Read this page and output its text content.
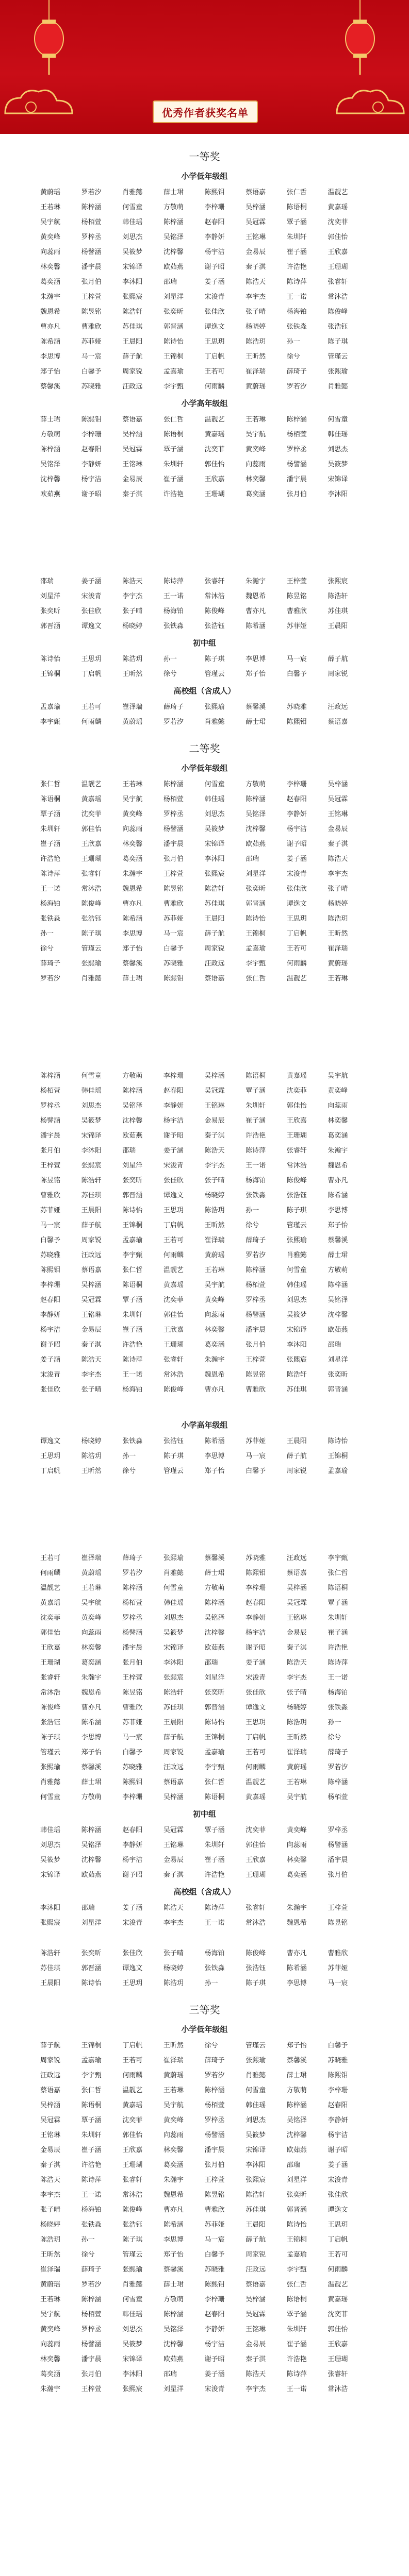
优秀作者获奖名单
一等奖
小学低年级组
黄蔚瑶	罗若汐	肖雅懿	薛士珺	陈熙钼	蔡语嘉	张仁哲	温靓艺
王若琳	陈梓涵	何雪童	方敬萌	李梓珊	吴梓涵	陈语桐	黄嘉瑶
吴宇航	杨栢萱	韩佳瑶	陈梓涵	赵春阳	吴冠霖	覃子涵	沈奕菲
黄奕峰	罗梓丞	刘思杰	吴铭泽	李静妍	王铭琳	朱圳轩	郭佳怡
向蕊雨	杨譬涵	吴筱梦	沈梓馨	杨宇洁	金易辰	崔子涵	王欣嘉
林奕馨	潘宇晨	宋锦译	欧茹燕	谢予昭	秦子淇	许浩艳	王珊瑚
葛奕涵	张月伯	李沐阳	邵瑞	姜子涵	陈浩天	陈诗萍	张睿轩
朱瀚宇	王梓萱	张熙宸	刘星洋	宋浚青	李宇杰	王一诺	常沐浩
魏恩希	陈昱铭	陈浩轩	张奕昕	张佳欣	张子晴	杨海铂	陈俊峰
曹亦凡	曹雅欣	苏佳琪	郭晋涵	谭逸文	杨晓婷	张铁淼	张浩钰
陈希涵	苏菲娅	王晨阳	陈诗怡	王思玥	陈浩玥	孙一	陈子琪
李思博	马一宸	薛子航	王锦桐	丁启帆	王昕然	徐兮	管瑾云
郑子怡	白馨予	周家锐	孟嘉瑜	王若可	崔泽瑞	薛琦子	张熙瑜
蔡馨溪	苏晓雅	汪政远	李宇甄	何雨麟	黄蔚瑶	罗若汐	肖雅懿
小学高年级组
薛士珺	陈熙钼	蔡语嘉	张仁哲	温靓艺	王若琳	陈梓涵	何雪童
方敬萌	李梓珊	吴梓涵	陈语桐	黄嘉瑶	吴宇航	杨栢萱	韩佳瑶
陈梓涵	赵春阳	吴冠霖	覃子涵	沈奕菲	黄奕峰	罗梓丞	刘思杰
吴铭泽	李静妍	王铭琳	朱圳轩	郭佳怡	向蕊雨	杨譬涵	吴筱梦
沈梓馨	杨宇洁	金易辰	崔子涵	王欣嘉	林奕馨	潘宇晨	宋锦译
欧茹燕	谢予昭	秦子淇	许浩艳	王珊瑚	葛奕涵	张月伯	李沐阳
邵瑞	姜子涵	陈浩天	陈诗萍	张睿轩	朱瀚宇	王梓萱	张熙宸
刘星洋	宋浚青	李宇杰	王一诺	常沐浩	魏恩希	陈昱铭	陈浩轩
张奕昕	张佳欣	张子晴	杨海铂	陈俊峰	曹亦凡	曹雅欣	苏佳琪
郭晋涵	谭逸文	杨晓婷	张铁淼	张浩钰	陈希涵	苏菲娅	王晨阳
初中组
陈诗怡	王思玥	陈浩玥	孙一	陈子琪	李思博	马一宸	薛子航
王锦桐	丁启帆	王昕然	徐兮	管瑾云	郑子怡	白馨予	周家锐
高校组（含成人）
孟嘉瑜	王若可	崔泽瑞	薛琦子	张熙瑜	蔡馨溪	苏晓雅	汪政远
李宇甄	何雨麟	黄蔚瑶	罗若汐	肖雅懿	薛士珺	陈熙钼	蔡语嘉
二等奖
小学低年级组
张仁哲	温靓艺	王若琳	陈梓涵	何雪童	方敬萌	李梓珊	吴梓涵
陈语桐	黄嘉瑶	吴宇航	杨栢萱	韩佳瑶	陈梓涵	赵春阳	吴冠霖
覃子涵	沈奕菲	黄奕峰	罗梓丞	刘思杰	吴铭泽	李静妍	王铭琳
朱圳轩	郭佳怡	向蕊雨	杨譬涵	吴筱梦	沈梓馨	杨宇洁	金易辰
崔子涵	王欣嘉	林奕馨	潘宇晨	宋锦译	欧茹燕	谢予昭	秦子淇
许浩艳	王珊瑚	葛奕涵	张月伯	李沐阳	邵瑞	姜子涵	陈浩天
陈诗萍	张睿轩	朱瀚宇	王梓萱	张熙宸	刘星洋	宋浚青	李宇杰
王一诺	常沐浩	魏恩希	陈昱铭	陈浩轩	张奕昕	张佳欣	张子晴
杨海铂	陈俊峰	曹亦凡	曹雅欣	苏佳琪	郭晋涵	谭逸文	杨晓婷
张铁淼	张浩钰	陈希涵	苏菲娅	王晨阳	陈诗怡	王思玥	陈浩玥
孙一	陈子琪	李思博	马一宸	薛子航	王锦桐	丁启帆	王昕然
徐兮	管瑾云	郑子怡	白馨予	周家锐	孟嘉瑜	王若可	崔泽瑞
薛琦子	张熙瑜	蔡馨溪	苏晓雅	汪政远	李宇甄	何雨麟	黄蔚瑶
罗若汐	肖雅懿	薛士珺	陈熙钼	蔡语嘉	张仁哲	温靓艺	王若琳
陈梓涵	何雪童	方敬萌	李梓珊	吴梓涵	陈语桐	黄嘉瑶	吴宇航
杨栢萱	韩佳瑶	陈梓涵	赵春阳	吴冠霖	覃子涵	沈奕菲	黄奕峰
罗梓丞	刘思杰	吴铭泽	李静妍	王铭琳	朱圳轩	郭佳怡	向蕊雨
杨譬涵	吴筱梦	沈梓馨	杨宇洁	金易辰	崔子涵	王欣嘉	林奕馨
潘宇晨	宋锦译	欧茹燕	谢予昭	秦子淇	许浩艳	王珊瑚	葛奕涵
张月伯	李沐阳	邵瑞	姜子涵	陈浩天	陈诗萍	张睿轩	朱瀚宇
王梓萱	张熙宸	刘星洋	宋浚青	李宇杰	王一诺	常沐浩	魏恩希
陈昱铭	陈浩轩	张奕昕	张佳欣	张子晴	杨海铂	陈俊峰	曹亦凡
曹雅欣	苏佳琪	郭晋涵	谭逸文	杨晓婷	张铁淼	张浩钰	陈希涵
苏菲娅	王晨阳	陈诗怡	王思玥	陈浩玥	孙一	陈子琪	李思博
马一宸	薛子航	王锦桐	丁启帆	王昕然	徐兮	管瑾云	郑子怡
白馨予	周家锐	孟嘉瑜	王若可	崔泽瑞	薛琦子	张熙瑜	蔡馨溪
苏晓雅	汪政远	李宇甄	何雨麟	黄蔚瑶	罗若汐	肖雅懿	薛士珺
陈熙钼	蔡语嘉	张仁哲	温靓艺	王若琳	陈梓涵	何雪童	方敬萌
李梓珊	吴梓涵	陈语桐	黄嘉瑶	吴宇航	杨栢萱	韩佳瑶	陈梓涵
赵春阳	吴冠霖	覃子涵	沈奕菲	黄奕峰	罗梓丞	刘思杰	吴铭泽
李静妍	王铭琳	朱圳轩	郭佳怡	向蕊雨	杨譬涵	吴筱梦	沈梓馨
杨宇洁	金易辰	崔子涵	王欣嘉	林奕馨	潘宇晨	宋锦译	欧茹燕
谢予昭	秦子淇	许浩艳	王珊瑚	葛奕涵	张月伯	李沐阳	邵瑞
姜子涵	陈浩天	陈诗萍	张睿轩	朱瀚宇	王梓萱	张熙宸	刘星洋
宋浚青	李宇杰	王一诺	常沐浩	魏恩希	陈昱铭	陈浩轩	张奕昕
张佳欣	张子晴	杨海铂	陈俊峰	曹亦凡	曹雅欣	苏佳琪	郭晋涵
小学高年级组
谭逸文	杨晓婷	张铁淼	张浩钰	陈希涵	苏菲娅	王晨阳	陈诗怡
王思玥	陈浩玥	孙一	陈子琪	李思博	马一宸	薛子航	王锦桐
丁启帆	王昕然	徐兮	管瑾云	郑子怡	白馨予	周家锐	孟嘉瑜
王若可	崔泽瑞	薛琦子	张熙瑜	蔡馨溪	苏晓雅	汪政远	李宇甄
何雨麟	黄蔚瑶	罗若汐	肖雅懿	薛士珺	陈熙钼	蔡语嘉	张仁哲
温靓艺	王若琳	陈梓涵	何雪童	方敬萌	李梓珊	吴梓涵	陈语桐
黄嘉瑶	吴宇航	杨栢萱	韩佳瑶	陈梓涵	赵春阳	吴冠霖	覃子涵
沈奕菲	黄奕峰	罗梓丞	刘思杰	吴铭泽	李静妍	王铭琳	朱圳轩
郭佳怡	向蕊雨	杨譬涵	吴筱梦	沈梓馨	杨宇洁	金易辰	崔子涵
王欣嘉	林奕馨	潘宇晨	宋锦译	欧茹燕	谢予昭	秦子淇	许浩艳
王珊瑚	葛奕涵	张月伯	李沐阳	邵瑞	姜子涵	陈浩天	陈诗萍
张睿轩	朱瀚宇	王梓萱	张熙宸	刘星洋	宋浚青	李宇杰	王一诺
常沐浩	魏恩希	陈昱铭	陈浩轩	张奕昕	张佳欣	张子晴	杨海铂
陈俊峰	曹亦凡	曹雅欣	苏佳琪	郭晋涵	谭逸文	杨晓婷	张铁淼
张浩钰	陈希涵	苏菲娅	王晨阳	陈诗怡	王思玥	陈浩玥	孙一
陈子琪	李思博	马一宸	薛子航	王锦桐	丁启帆	王昕然	徐兮
管瑾云	郑子怡	白馨予	周家锐	孟嘉瑜	王若可	崔泽瑞	薛琦子
张熙瑜	蔡馨溪	苏晓雅	汪政远	李宇甄	何雨麟	黄蔚瑶	罗若汐
肖雅懿	薛士珺	陈熙钼	蔡语嘉	张仁哲	温靓艺	王若琳	陈梓涵
何雪童	方敬萌	李梓珊	吴梓涵	陈语桐	黄嘉瑶	吴宇航	杨栢萱
初中组
韩佳瑶	陈梓涵	赵春阳	吴冠霖	覃子涵	沈奕菲	黄奕峰	罗梓丞
刘思杰	吴铭泽	李静妍	王铭琳	朱圳轩	郭佳怡	向蕊雨	杨譬涵
吴筱梦	沈梓馨	杨宇洁	金易辰	崔子涵	王欣嘉	林奕馨	潘宇晨
宋锦译	欧茹燕	谢予昭	秦子淇	许浩艳	王珊瑚	葛奕涵	张月伯
高校组（含成人）
李沐阳	邵瑞	姜子涵	陈浩天	陈诗萍	张睿轩	朱瀚宇	王梓萱
张熙宸	刘星洋	宋浚青	李宇杰	王一诺	常沐浩	魏恩希	陈昱铭
陈浩轩	张奕昕	张佳欣	张子晴	杨海铂	陈俊峰	曹亦凡	曹雅欣
苏佳琪	郭晋涵	谭逸文	杨晓婷	张铁淼	张浩钰	陈希涵	苏菲娅
王晨阳	陈诗怡	王思玥	陈浩玥	孙一	陈子琪	李思博	马一宸
三等奖
小学低年级组
薛子航	王锦桐	丁启帆	王昕然	徐兮	管瑾云	郑子怡	白馨予
周家锐	孟嘉瑜	王若可	崔泽瑞	薛琦子	张熙瑜	蔡馨溪	苏晓雅
汪政远	李宇甄	何雨麟	黄蔚瑶	罗若汐	肖雅懿	薛士珺	陈熙钼
蔡语嘉	张仁哲	温靓艺	王若琳	陈梓涵	何雪童	方敬萌	李梓珊
吴梓涵	陈语桐	黄嘉瑶	吴宇航	杨栢萱	韩佳瑶	陈梓涵	赵春阳
吴冠霖	覃子涵	沈奕菲	黄奕峰	罗梓丞	刘思杰	吴铭泽	李静妍
王铭琳	朱圳轩	郭佳怡	向蕊雨	杨譬涵	吴筱梦	沈梓馨	杨宇洁
金易辰	崔子涵	王欣嘉	林奕馨	潘宇晨	宋锦译	欧茹燕	谢予昭
秦子淇	许浩艳	王珊瑚	葛奕涵	张月伯	李沐阳	邵瑞	姜子涵
陈浩天	陈诗萍	张睿轩	朱瀚宇	王梓萱	张熙宸	刘星洋	宋浚青
李宇杰	王一诺	常沐浩	魏恩希	陈昱铭	陈浩轩	张奕昕	张佳欣
张子晴	杨海铂	陈俊峰	曹亦凡	曹雅欣	苏佳琪	郭晋涵	谭逸文
杨晓婷	张铁淼	张浩钰	陈希涵	苏菲娅	王晨阳	陈诗怡	王思玥
陈浩玥	孙一	陈子琪	李思博	马一宸	薛子航	王锦桐	丁启帆
王昕然	徐兮	管瑾云	郑子怡	白馨予	周家锐	孟嘉瑜	王若可
崔泽瑞	薛琦子	张熙瑜	蔡馨溪	苏晓雅	汪政远	李宇甄	何雨麟
黄蔚瑶	罗若汐	肖雅懿	薛士珺	陈熙钼	蔡语嘉	张仁哲	温靓艺
王若琳	陈梓涵	何雪童	方敬萌	李梓珊	吴梓涵	陈语桐	黄嘉瑶
吴宇航	杨栢萱	韩佳瑶	陈梓涵	赵春阳	吴冠霖	覃子涵	沈奕菲
黄奕峰	罗梓丞	刘思杰	吴铭泽	李静妍	王铭琳	朱圳轩	郭佳怡
向蕊雨	杨譬涵	吴筱梦	沈梓馨	杨宇洁	金易辰	崔子涵	王欣嘉
林奕馨	潘宇晨	宋锦译	欧茹燕	谢予昭	秦子淇	许浩艳	王珊瑚
葛奕涵	张月伯	李沐阳	邵瑞	姜子涵	陈浩天	陈诗萍	张睿轩
朱瀚宇	王梓萱	张熙宸	刘星洋	宋浚青	李宇杰	王一诺	常沐浩
